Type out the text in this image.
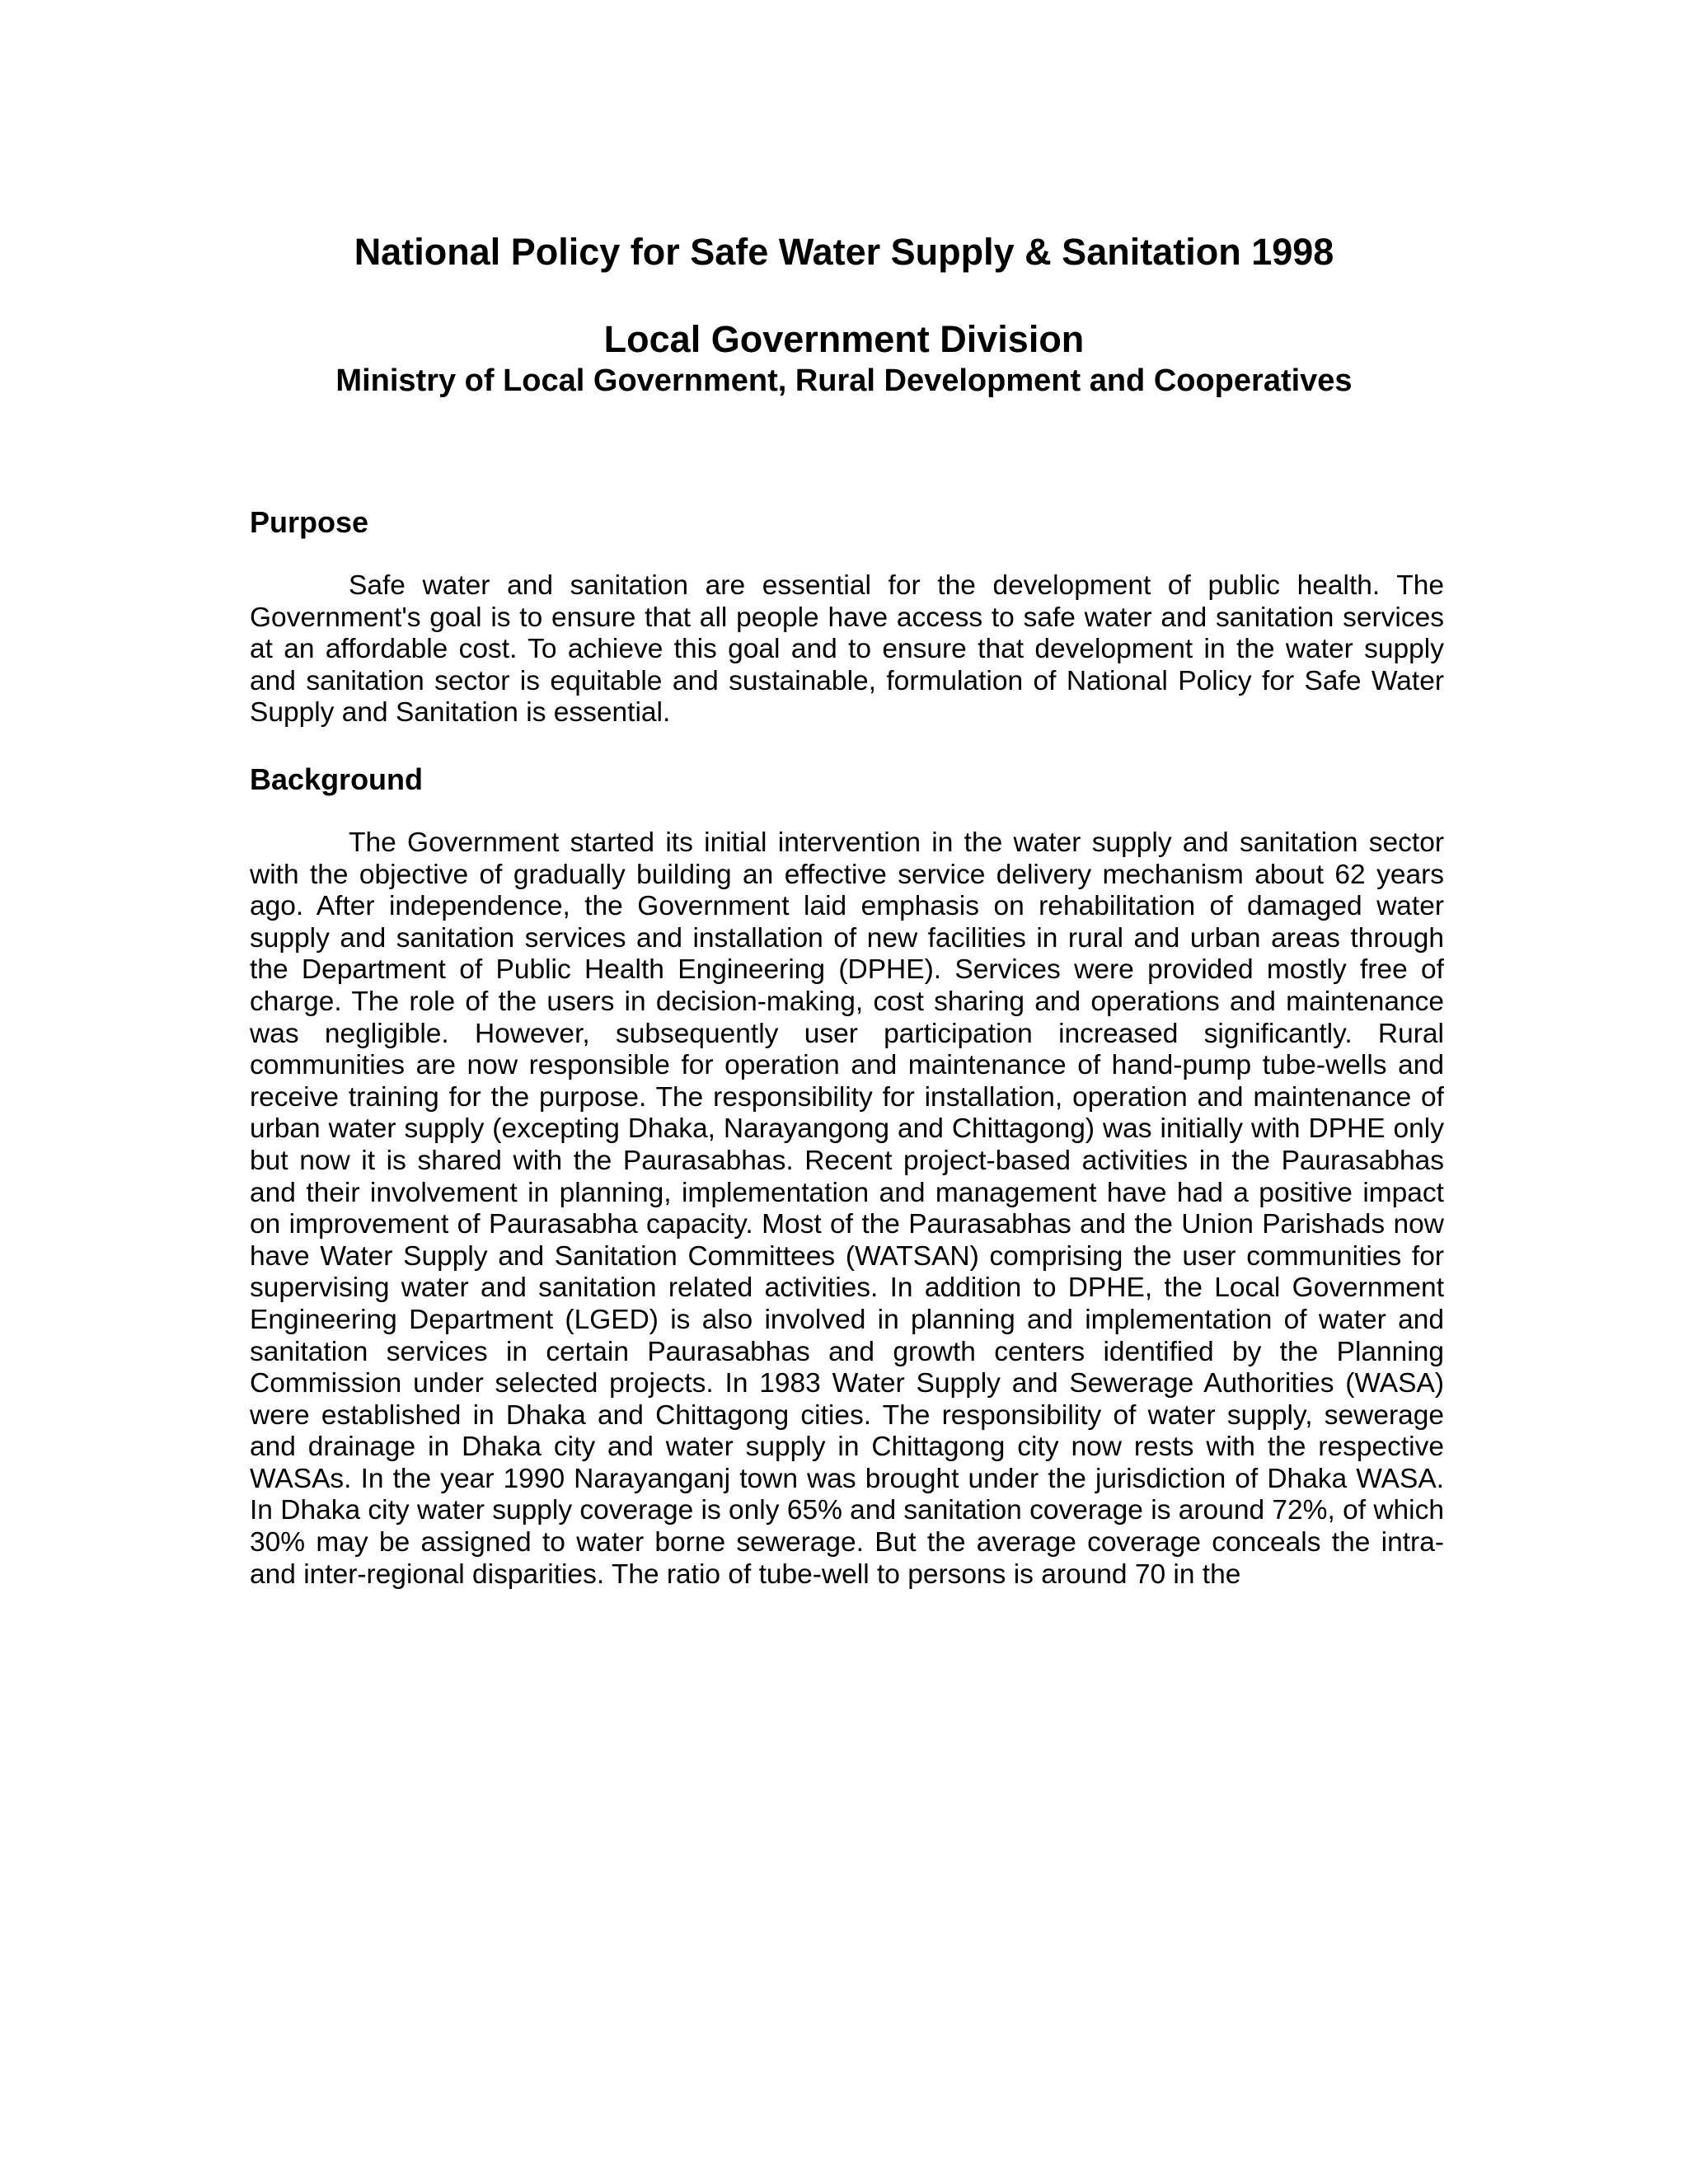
National Policy for Safe Water Supply & Sanitation 1998
Local Government Division
Ministry of Local Government, Rural Development and Cooperatives
Purpose

Safe water and sanitation are essential for the development of public health. The Government's goal is to ensure that all people have access to safe water and sanitation services at an affordable cost. To achieve this goal and to ensure that development in the water supply and sanitation sector is equitable and sustainable, formulation of National Policy for Safe Water Supply and Sanitation is essential.

Background

The Government started its initial intervention in the water supply and sanitation sector with the objective of gradually building an effective service delivery mechanism about 62 years ago. After independence, the Government laid emphasis on rehabilitation of damaged water supply and sanitation services and installation of new facilities in rural and urban areas through the Department of Public Health Engineering (DPHE). Services were provided mostly free of charge. The role of the users in decision-making, cost sharing and operations and maintenance was negligible. However, subsequently user participation increased significantly. Rural communities are now responsible for operation and maintenance of hand-pump tube-wells and receive training for the purpose. The responsibility for installation, operation and maintenance of urban water supply (excepting Dhaka, Narayangong and Chittagong) was initially with DPHE only but now it is shared with the Paurasabhas. Recent project-based activities in the Paurasabhas and their involvement in planning, implementation and management have had a positive impact on improvement of Paurasabha capacity. Most of the Paurasabhas and the Union Parishads now have Water Supply and Sanitation Committees (WATSAN) comprising the user communities for supervising water and sanitation related activities. In addition to DPHE, the Local Government Engineering Department (LGED) is also involved in planning and implementation of water and sanitation services in certain Paurasabhas and growth centers identified by the Planning Commission under selected projects. In 1983 Water Supply and Sewerage Authorities (WASA) were established in Dhaka and Chittagong cities. The responsibility of water supply, sewerage and drainage in Dhaka city and water supply in Chittagong city now rests with the respective WASAs. In the year 1990 Narayanganj town was brought under the jurisdiction of Dhaka WASA. In Dhaka city water supply coverage is only 65% and sanitation coverage is around 72%, of which 30% may be assigned to water borne sewerage. But the average coverage conceals the intra- and inter-regional disparities. The ratio of tube-well to persons is around 70 in the
